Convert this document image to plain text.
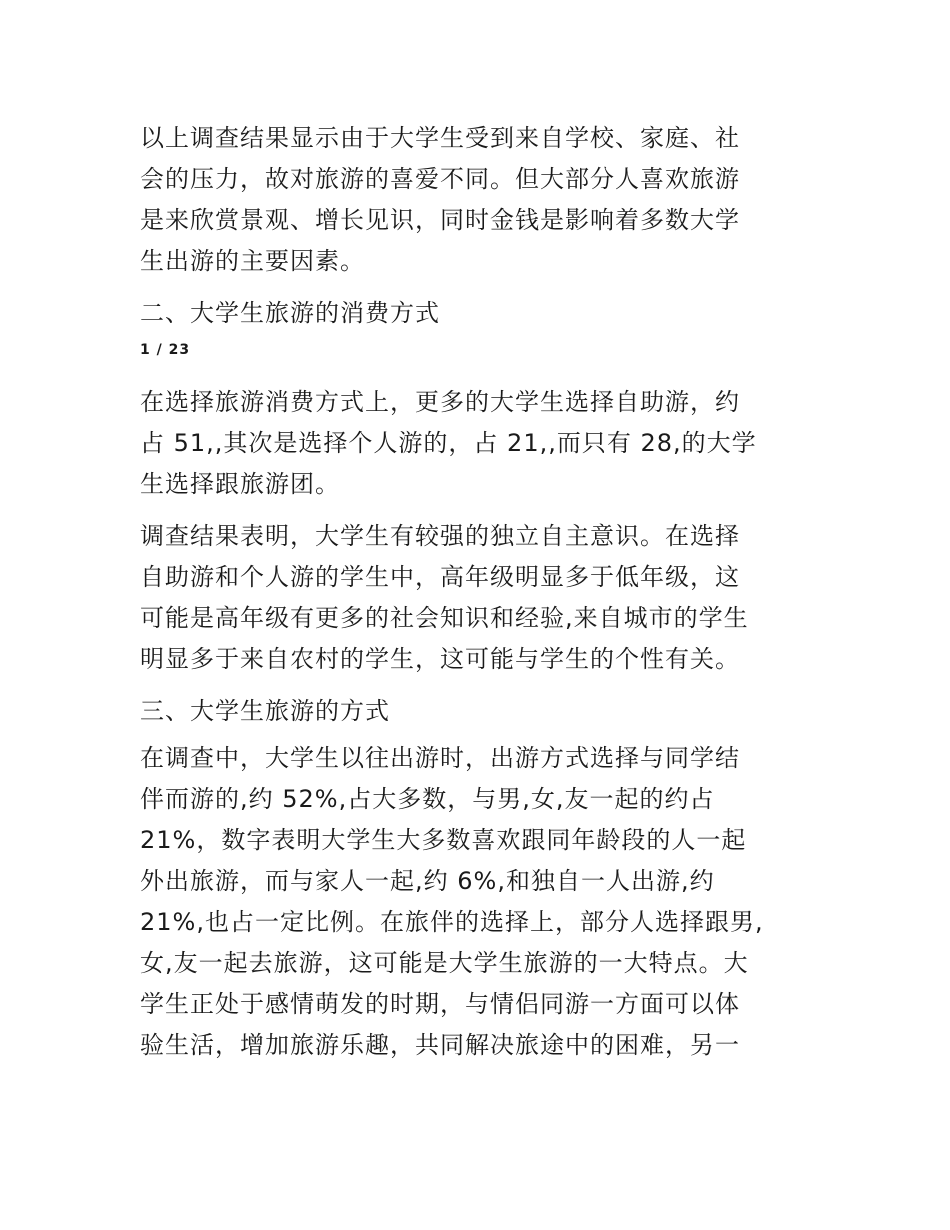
以上调查结果显示由于大学生受到来自学校、家庭、社
会的压力，故对旅游的喜爱不同。但大部分人喜欢旅游
是来欣赏景观、增长见识，同时金钱是影响着多数大学
生出游的主要因素。
二、大学生旅游的消费方式
1 / 23
在选择旅游消费方式上，更多的大学生选择自助游，约
占 51,,其次是选择个人游的，占 21,,而只有 28,的大学
生选择跟旅游团。
调查结果表明，大学生有较强的独立自主意识。在选择
自助游和个人游的学生中，高年级明显多于低年级，这
可能是高年级有更多的社会知识和经验,来自城市的学生
明显多于来自农村的学生，这可能与学生的个性有关。
三、大学生旅游的方式
在调查中，大学生以往出游时，出游方式选择与同学结
伴而游的,约 52%,占大多数，与男,女,友一起的约占
21%，数字表明大学生大多数喜欢跟同年龄段的人一起
外出旅游，而与家人一起,约 6%,和独自一人出游,约
21%,也占一定比例。在旅伴的选择上，部分人选择跟男,
女,友一起去旅游，这可能是大学生旅游的一大特点。大
学生正处于感情萌发的时期，与情侣同游一方面可以体
验生活，增加旅游乐趣，共同解决旅途中的困难，另一
